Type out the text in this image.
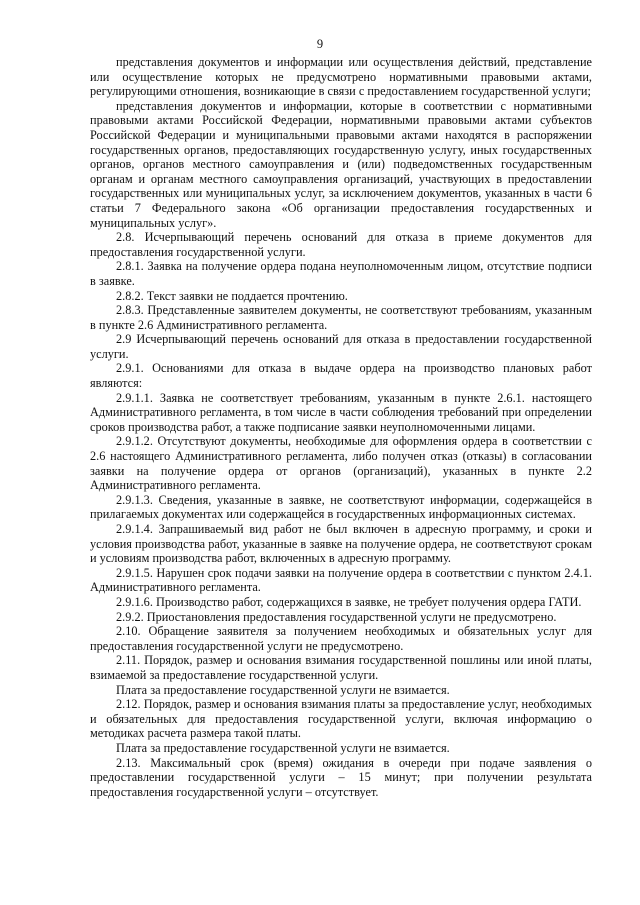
9

представления документов и информации или осуществления действий, представление или осуществление которых не предусмотрено нормативными правовыми актами, регулирующими отношения, возникающие в связи с предоставлением государственной услуги;

представления документов и информации, которые в соответствии с нормативными правовыми актами Российской Федерации, нормативными правовыми актами субъектов Российской Федерации и муниципальными правовыми актами находятся в распоряжении государственных органов, предоставляющих государственную услугу, иных государственных органов, органов местного самоуправления и (или) подведомственных государственным органам и органам местного самоуправления организаций, участвующих в предоставлении государственных или муниципальных услуг, за исключением документов, указанных в части 6 статьи 7 Федерального закона «Об организации предоставления государственных и муниципальных услуг».

2.8. Исчерпывающий перечень оснований для отказа в приеме документов для предоставления государственной услуги.

2.8.1. Заявка на получение ордера подана неуполномоченным лицом, отсутствие подписи в заявке.

2.8.2. Текст заявки не поддается прочтению.

2.8.3. Представленные заявителем документы, не соответствуют требованиям, указанным в пункте 2.6 Административного регламента.

2.9 Исчерпывающий перечень оснований для отказа в предоставлении государственной услуги.

2.9.1. Основаниями для отказа в выдаче ордера на производство плановых работ являются:

2.9.1.1. Заявка не соответствует требованиям, указанным в пункте 2.6.1. настоящего Административного регламента, в том числе в части соблюдения требований при определении сроков производства работ, а также подписание заявки неуполномоченными лицами.

2.9.1.2. Отсутствуют документы, необходимые для оформления ордера в соответствии с 2.6 настоящего Административного регламента, либо получен отказ (отказы) в согласовании заявки на получение ордера от органов (организаций), указанных в пункте 2.2 Административного регламента.

2.9.1.3. Сведения, указанные в заявке, не соответствуют информации, содержащейся в прилагаемых документах или содержащейся в государственных информационных системах.

2.9.1.4. Запрашиваемый вид работ не был включен в адресную программу, и сроки и условия производства работ, указанные в заявке на получение ордера, не соответствуют срокам и условиям производства работ, включенных в адресную программу.

2.9.1.5. Нарушен срок подачи заявки на получение ордера в соответствии с пунктом 2.4.1. Административного регламента.

2.9.1.6. Производство работ, содержащихся в заявке, не требует получения ордера ГАТИ.

2.9.2. Приостановления предоставления государственной услуги не предусмотрено.

2.10. Обращение заявителя за получением необходимых и обязательных услуг для предоставления государственной услуги не предусмотрено.

2.11. Порядок, размер и основания взимания государственной пошлины или иной платы, взимаемой за предоставление государственной услуги.

Плата за предоставление государственной услуги не взимается.

2.12. Порядок, размер и основания взимания платы за предоставление услуг, необходимых и обязательных для предоставления государственной услуги, включая информацию о методиках расчета размера такой платы.

Плата за предоставление государственной услуги не взимается.

2.13. Максимальный срок (время) ожидания в очереди при подаче заявления о предоставлении государственной услуги – 15 минут; при получении результата предоставления государственной услуги – отсутствует.
